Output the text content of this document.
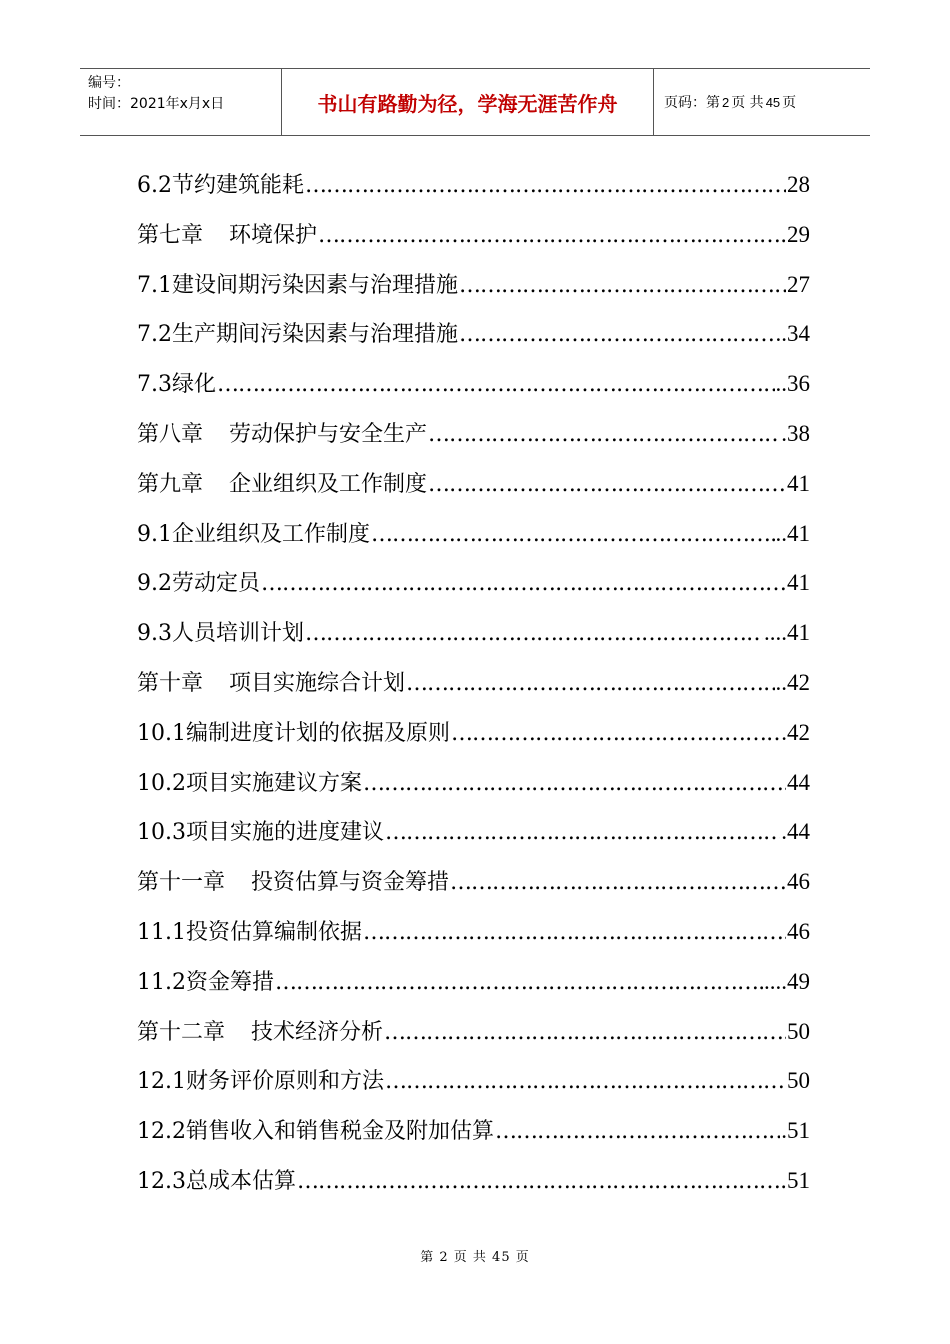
编号：
时间：2021年x月x日	书山有路勤为径，学海无涯苦作舟	页码：第 2 页 共 45 页
6.2节约建筑能耗 …………………………………………………………………………………………………………………………………………	28
第七章 环境保护 …………………………………………………………………………………………………………………………………………	29
7.1建设间期污染因素与治理措施 …………………………………………………………………………………………………………………………………………	27
7.2生产期间污染因素与治理措施 …………………………………………………………………………………………………………………………………………	..34
7.3绿化 …………………………………………………………………………………………………………………………………………	..36
第八章 劳动保护与安全生产 …………………………………………………………………………………………………………………………………………	.38
第九章 企业组织及工作制度 …………………………………………………………………………………………………………………………………………	41
9.1企业组织及工作制度 …………………………………………………………………………………………………………………………………………	..41
9.2劳动定员 …………………………………………………………………………………………………………………………………………	41
9.3人员培训计划 …………………………………………………………………………………………………………………………………………	....41
第十章 项目实施综合计划 …………………………………………………………………………………………………………………………………………	..42
10.1编制进度计划的依据及原则 …………………………………………………………………………………………………………………………………………	.42
10.2项目实施建议方案 …………………………………………………………………………………………………………………………………………	44
10.3项目实施的进度建议 …………………………………………………………………………………………………………………………………………	.44
第十一章 投资估算与资金筹措 …………………………………………………………………………………………………………………………………………	46
11.1投资估算编制依据 …………………………………………………………………………………………………………………………………………	46
11.2资金筹措 …………………………………………………………………………………………………………………………………………	....49
第十二章 技术经济分析 …………………………………………………………………………………………………………………………………………	50
12.1财务评价原则和方法 …………………………………………………………………………………………………………………………………………	50
12.2销售收入和销售税金及附加估算 …………………………………………………………………………………………………………………………………………	.51
12.3总成本估算 …………………………………………………………………………………………………………………………………………	51
第 2 页 共 45 页
